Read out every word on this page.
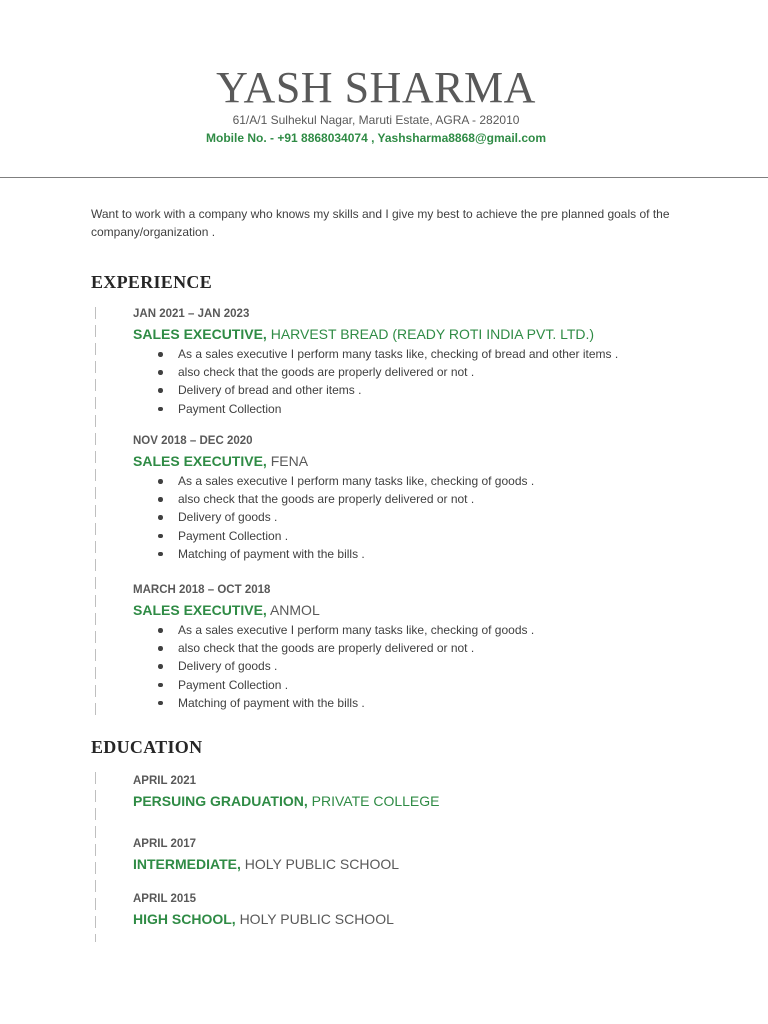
YASH SHARMA
61/A/1 Sulhekul Nagar, Maruti Estate, AGRA - 282010
Mobile No. - +91 8868034074 , Yashsharma8868@gmail.com
Want to work with a company who knows my skills and I give my best to achieve the pre planned goals of the company/organization .
EXPERIENCE
JAN 2021 – JAN 2023
SALES EXECUTIVE, HARVEST BREAD (READY ROTI INDIA PVT. LTD.)
As a sales executive I perform many tasks like, checking of bread and other items .
also check that the goods are properly delivered or not .
Delivery of bread and other items .
Payment Collection
NOV 2018 – DEC 2020
SALES EXECUTIVE, FENA
As a sales executive I perform many tasks like, checking of goods .
also check that the goods are properly delivered or not .
Delivery of goods .
Payment Collection .
Matching of payment with the bills .
MARCH 2018 – OCT 2018
SALES EXECUTIVE, ANMOL
As a sales executive I perform many tasks like, checking of goods .
also check that the goods are properly delivered or not .
Delivery of goods .
Payment Collection .
Matching of payment with the bills .
EDUCATION
APRIL 2021
PERSUING GRADUATION, PRIVATE COLLEGE
APRIL 2017
INTERMEDIATE, HOLY PUBLIC SCHOOL
APRIL 2015
HIGH SCHOOL, HOLY PUBLIC SCHOOL
